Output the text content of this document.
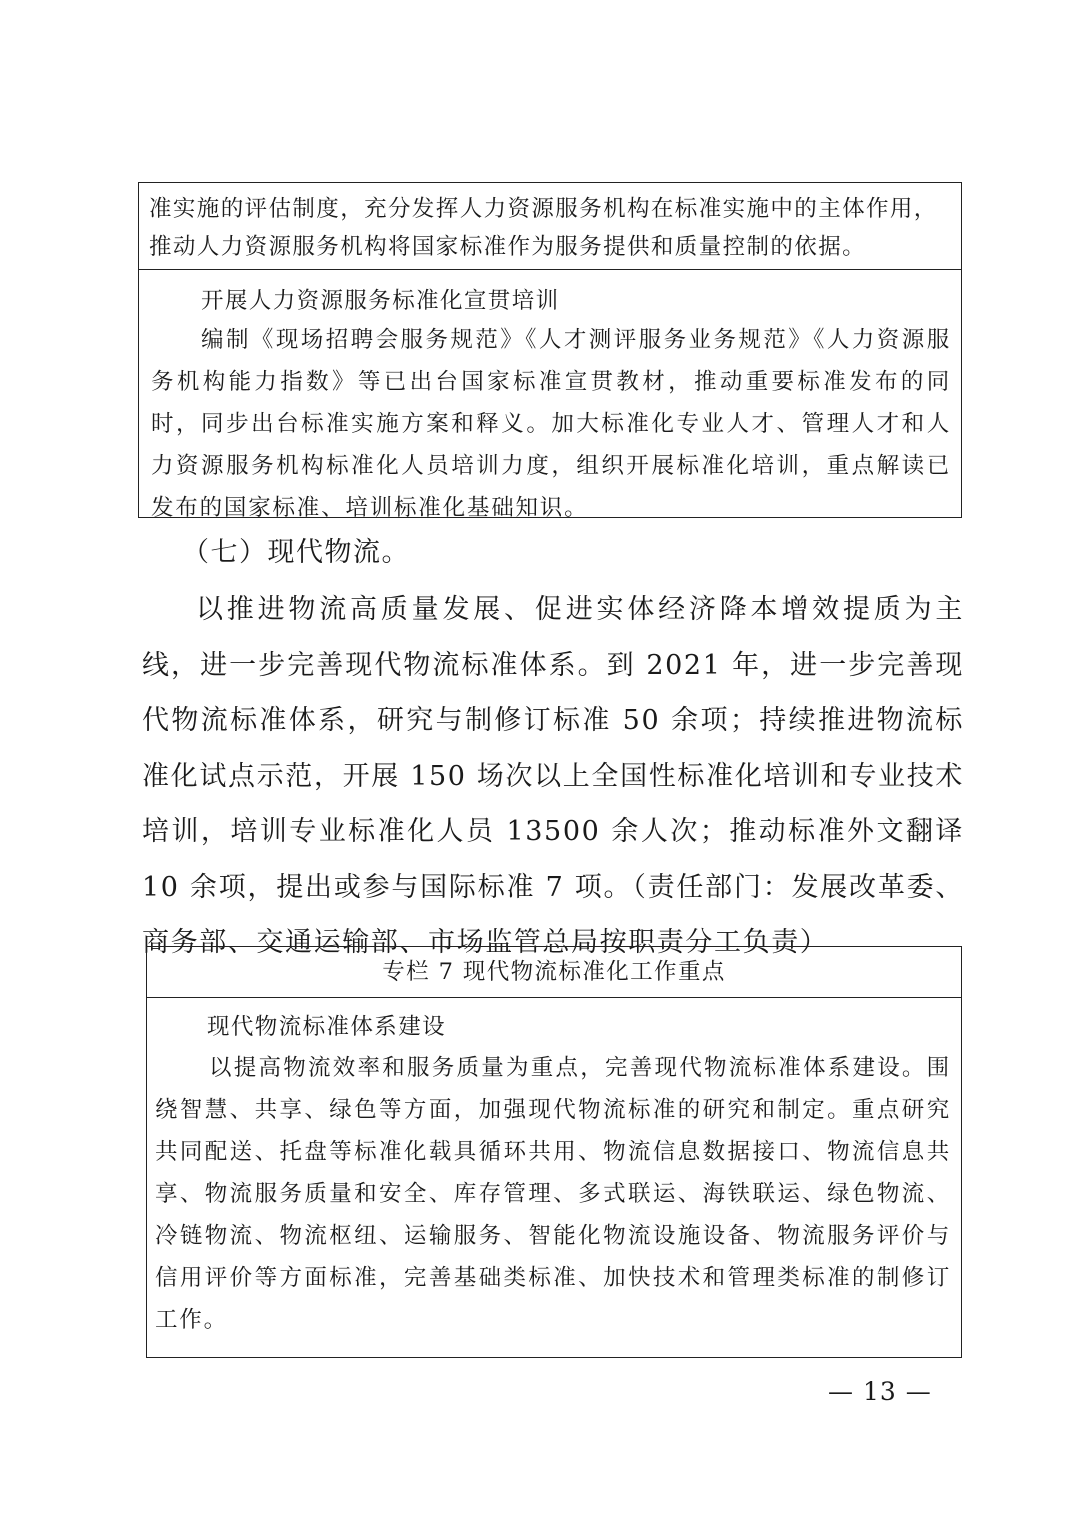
准实施的评估制度，充分发挥人力资源服务机构在标准实施中的主体作用，

推动人力资源服务机构将国家标准作为服务提供和质量控制的依据。

开展人力资源服务标准化宣贯培训

编制《现场招聘会服务规范》《人才测评服务业务规范》《人力资源服务机构能力指数》等已出台国家标准宣贯教材，推动重要标准发布的同时，同步出台标准实施方案和释义。加大标准化专业人才、管理人才和人力资源服务机构标准化人员培训力度，组织开展标准化培训，重点解读已发布的国家标准、培训标准化基础知识。

（七）现代物流。

以推进物流高质量发展、促进实体经济降本增效提质为主线，进一步完善现代物流标准体系。到 2021 年，进一步完善现代物流标准体系，研究与制修订标准 50 余项；持续推进物流标准化试点示范，开展 150 场次以上全国性标准化培训和专业技术培训，培训专业标准化人员 13500 余人次；推动标准外文翻译 10 余项，提出或参与国际标准 7 项。（责任部门：发展改革委、商务部、交通运输部、市场监管总局按职责分工负责）

专栏 7 现代物流标准化工作重点

现代物流标准体系建设

以提高物流效率和服务质量为重点，完善现代物流标准体系建设。围绕智慧、共享、绿色等方面，加强现代物流标准的研究和制定。重点研究共同配送、托盘等标准化载具循环共用、物流信息数据接口、物流信息共享、物流服务质量和安全、库存管理、多式联运、海铁联运、绿色物流、冷链物流、物流枢纽、运输服务、智能化物流设施设备、物流服务评价与信用评价等方面标准，完善基础类标准、加快技术和管理类标准的制修订工作。

— 13 —
